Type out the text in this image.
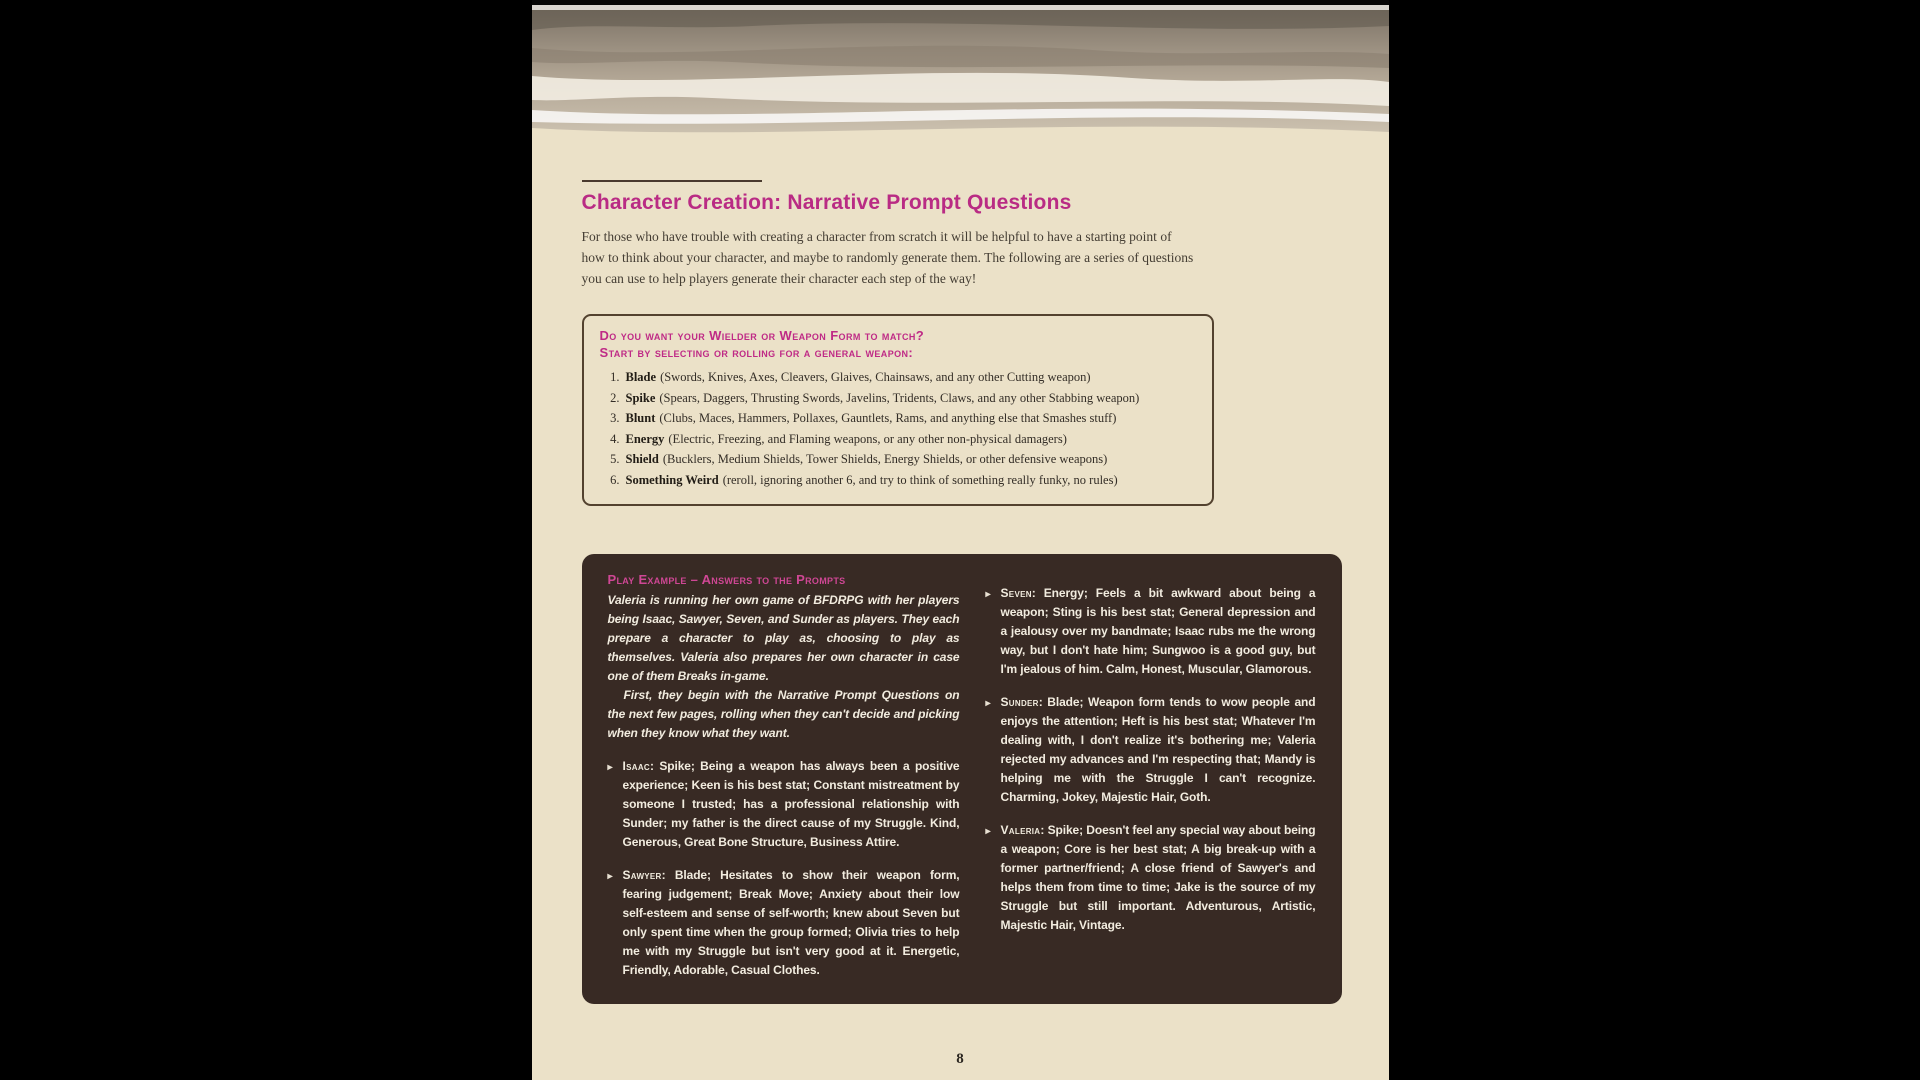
Character Creation: Narrative Prompt Questions
For those who have trouble with creating a character from scratch it will be helpful to have a starting point of how to think about your character, and maybe to randomly generate them. The following are a series of questions you can use to help players generate their character each step of the way!
Do you want your Wielder or Weapon Form to match?
Start by selecting or rolling for a general weapon:
1. Blade (Swords, Knives, Axes, Cleavers, Glaives, Chainsaws, and any other Cutting weapon)
2. Spike (Spears, Daggers, Thrusting Swords, Javelins, Tridents, Claws, and any other Stabbing weapon)
3. Blunt (Clubs, Maces, Hammers, Pollaxes, Gauntlets, Rams, and anything else that Smashes stuff)
4. Energy (Electric, Freezing, and Flaming weapons, or any other non-physical damagers)
5. Shield (Bucklers, Medium Shields, Tower Shields, Energy Shields, or other defensive weapons)
6. Something Weird (reroll, ignoring another 6, and try to think of something really funky, no rules)
Play Example – Answers to the Prompts
Valeria is running her own game of BFDRPG with her players being Isaac, Sawyer, Seven, and Sunder as players. They each prepare a character to play as, choosing to play as themselves. Valeria also prepares her own character in case one of them Breaks in-game.
First, they begin with the Narrative Prompt Questions on the next few pages, rolling when they can't decide and picking when they know what they want.
▸ Isaac: Spike; Being a weapon has always been a positive experience; Keen is his best stat; Constant mistreatment by someone I trusted; has a professional relationship with Sunder; my father is the direct cause of my Struggle. Kind, Generous, Great Bone Structure, Business Attire.
▸ Sawyer: Blade; Hesitates to show their weapon form, fearing judgement; Break Move; Anxiety about their low self-esteem and sense of self-worth; knew about Seven but only spent time when the group formed; Olivia tries to help me with my Struggle but isn't very good at it. Energetic, Friendly, Adorable, Casual Clothes.
▸ Seven: Energy; Feels a bit awkward about being a weapon; Sting is his best stat; General depression and a jealousy over my bandmate; Isaac rubs me the wrong way, but I don't hate him; Sungwoo is a good guy, but I'm jealous of him. Calm, Honest, Muscular, Glamorous.
▸ Sunder: Blade; Weapon form tends to wow people and enjoys the attention; Heft is his best stat; Whatever I'm dealing with, I don't realize it's bothering me; Valeria rejected my advances and I'm respecting that; Mandy is helping me with the Struggle I can't recognize. Charming, Jokey, Majestic Hair, Goth.
▸ Valeria: Spike; Doesn't feel any special way about being a weapon; Core is her best stat; A big break-up with a former partner/friend; A close friend of Sawyer's and helps them from time to time; Jake is the source of my Struggle but still important. Adventurous, Artistic, Majestic Hair, Vintage.
8
